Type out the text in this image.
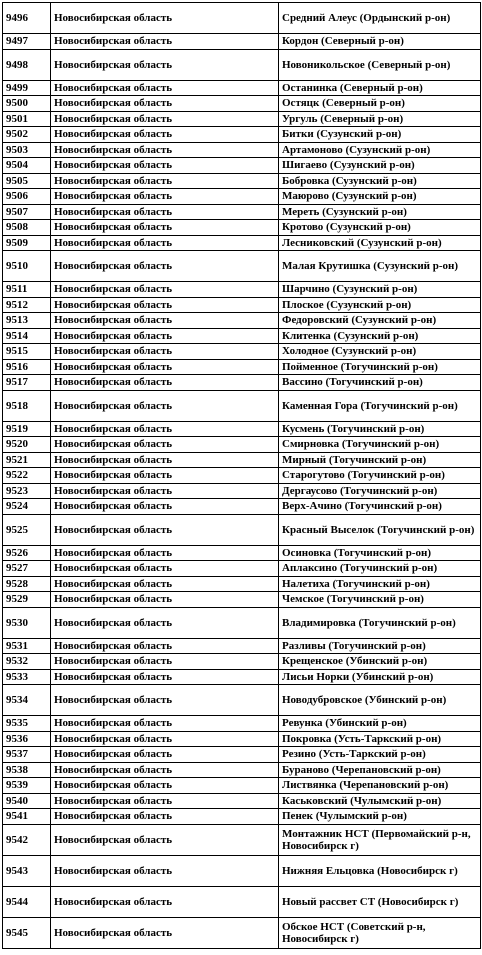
9496	Новосибирская область	Средний Алеус (Ордынский р-он)
9497	Новосибирская область	Кордон (Северный р-он)
9498	Новосибирская область	Новоникольское (Северный р-он)
9499	Новосибирская область	Останинка (Северный р-он)
9500	Новосибирская область	Остяцк (Северный р-он)
9501	Новосибирская область	Ургуль (Северный р-он)
9502	Новосибирская область	Битки (Сузунский р-он)
9503	Новосибирская область	Артамоново (Сузунский р-он)
9504	Новосибирская область	Шигаево (Сузунский р-он)
9505	Новосибирская область	Бобровка (Сузунский р-он)
9506	Новосибирская область	Маюрово (Сузунский р-он)
9507	Новосибирская область	Мереть (Сузунский р-он)
9508	Новосибирская область	Кротово (Сузунский р-он)
9509	Новосибирская область	Лесниковский (Сузунский р-он)
9510	Новосибирская область	Малая Крутишка (Сузунский р-он)
9511	Новосибирская область	Шарчино (Сузунский р-он)
9512	Новосибирская область	Плоское (Сузунский р-он)
9513	Новосибирская область	Федоровский (Сузунский р-он)
9514	Новосибирская область	Клитенка (Сузунский р-он)
9515	Новосибирская область	Холодное (Сузунский р-он)
9516	Новосибирская область	Пойменное (Тогучинский р-он)
9517	Новосибирская область	Вассино (Тогучинский р-он)
9518	Новосибирская область	Каменная Гора (Тогучинский р-он)
9519	Новосибирская область	Кусмень (Тогучинский р-он)
9520	Новосибирская область	Смирновка (Тогучинский р-он)
9521	Новосибирская область	Мирный (Тогучинский р-он)
9522	Новосибирская область	Старогутово (Тогучинский р-он)
9523	Новосибирская область	Дергаусово (Тогучинский р-он)
9524	Новосибирская область	Верх-Ачино (Тогучинский р-он)
9525	Новосибирская область	Красный Выселок (Тогучинский р-он)
9526	Новосибирская область	Осиновка (Тогучинский р-он)
9527	Новосибирская область	Аплаксино (Тогучинский р-он)
9528	Новосибирская область	Налетиха (Тогучинский р-он)
9529	Новосибирская область	Чемское (Тогучинский р-он)
9530	Новосибирская область	Владимировка (Тогучинский р-он)
9531	Новосибирская область	Разливы (Тогучинский р-он)
9532	Новосибирская область	Крещенское (Убинский р-он)
9533	Новосибирская область	Лисьи Норки (Убинский р-он)
9534	Новосибирская область	Новодубровское (Убинский р-он)
9535	Новосибирская область	Ревунка (Убинский р-он)
9536	Новосибирская область	Покровка (Усть-Таркский р-он)
9537	Новосибирская область	Резино (Усть-Таркский р-он)
9538	Новосибирская область	Бураново (Черепановский р-он)
9539	Новосибирская область	Листвянка (Черепановский р-он)
9540	Новосибирская область	Каськовский (Чулымский р-он)
9541	Новосибирская область	Пенек (Чулымский р-он)
9542	Новосибирская область	Монтажник НСТ (Первомайский р-н, Новосибирск г)
9543	Новосибирская область	Нижняя Ельцовка (Новосибирск г)
9544	Новосибирская область	Новый рассвет СТ (Новосибирск г)
9545	Новосибирская область	Обское НСТ (Советский р-н, Новосибирск г)
